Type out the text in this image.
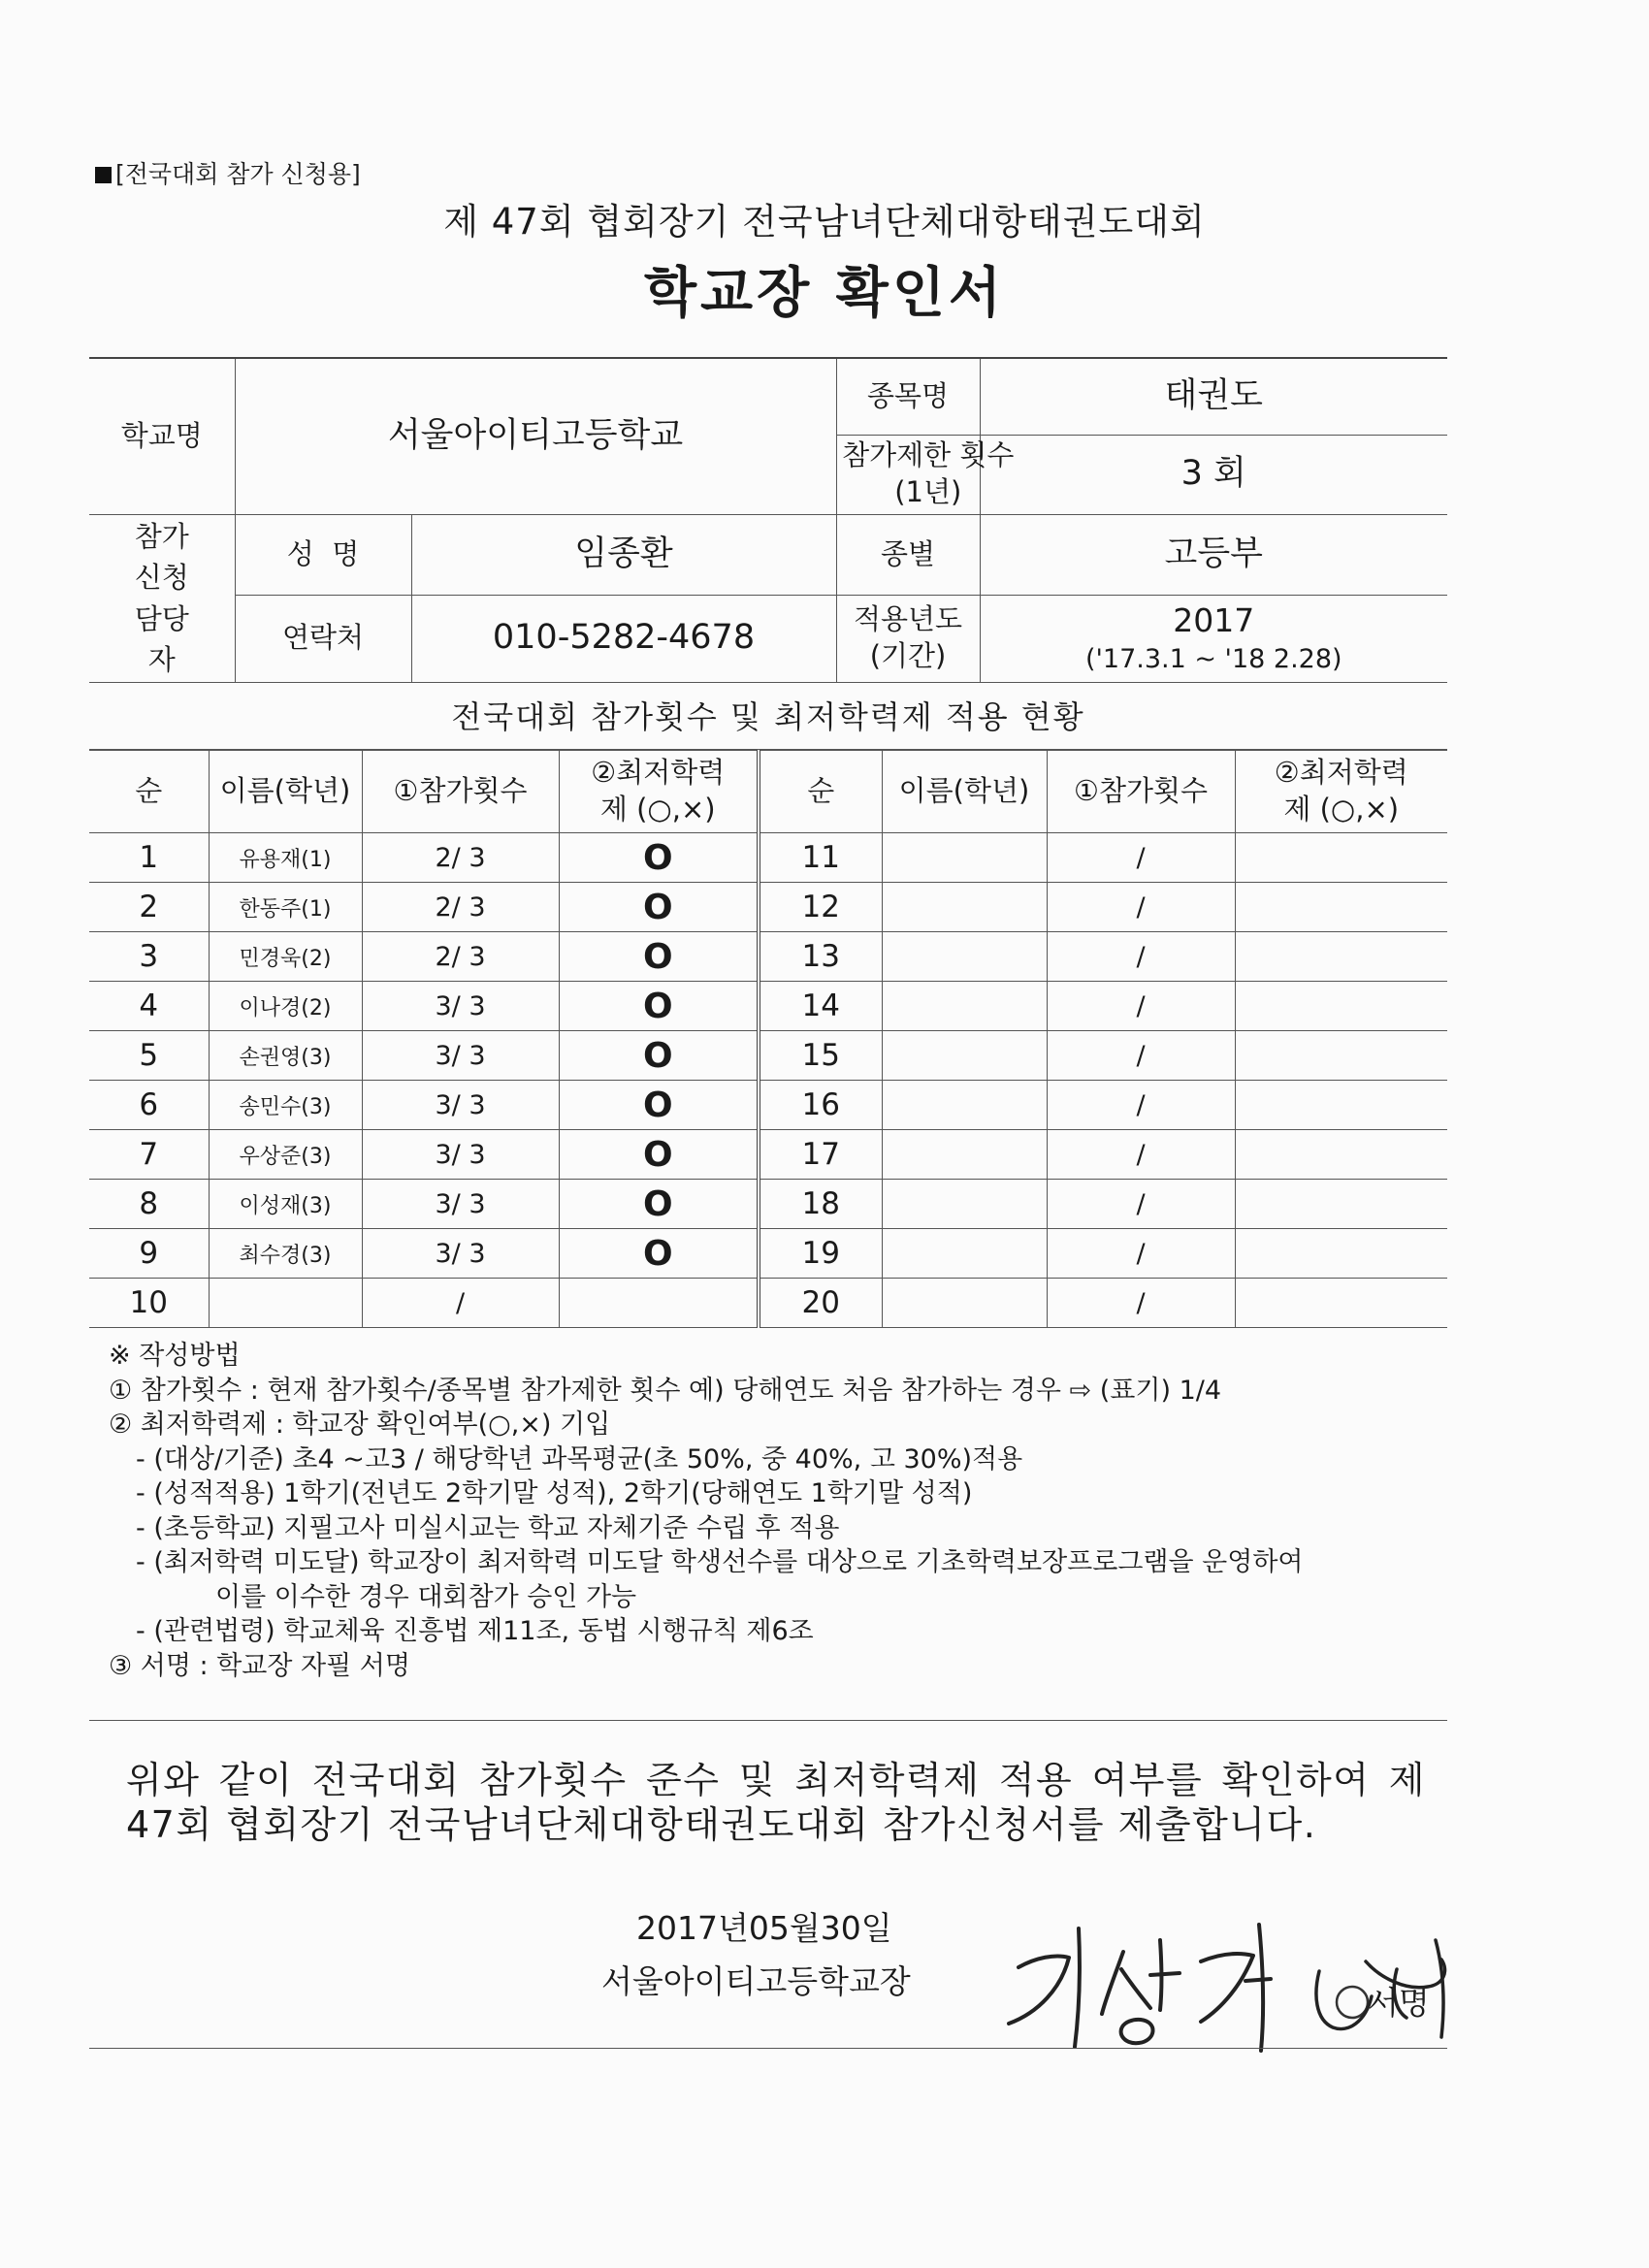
[전국대회 참가 신청용]
제 47회 협회장기 전국남녀단체대항태권도대회
학교장 확인서
학교명	서울아이티고등학교		종목명	태권도
			참가제한 횟수(1년)	3 회
참가 신청 담당자	성  명	임종환	종별	고등부
	연락처	010-5282-4678	적용년도 (기간)	2017
('17.3.1 ~ '18 2.28)
전국대회 참가횟수 및 최저학력제 적용 현황
순	이름(학년)	①참가횟수	②최저학력제 (○,×)	순	이름(학년)	①참가횟수	②최저학력제 (○,×)
1	유용재(1)	2/ 3	O	11		/	
2	한동주(1)	2/ 3	O	12		/	
3	민경욱(2)	2/ 3	O	13		/	
4	이나경(2)	3/ 3	O	14		/	
5	손권영(3)	3/ 3	O	15		/	
6	송민수(3)	3/ 3	O	16		/	
7	우상준(3)	3/ 3	O	17		/	
8	이성재(3)	3/ 3	O	18		/	
9	최수경(3)	3/ 3	O	19		/	
10		/		20		/	
※ 작성방법
① 참가횟수 : 현재 참가횟수/종목별 참가제한 횟수 예) 당해연도 처음 참가하는 경우 ⇨ (표기) 1/4
② 최저학력제 : 학교장 확인여부(○,×) 기입
- (대상/기준) 초4 ~고3 / 해당학년 과목평균(초 50%, 중 40%, 고 30%)적용
- (성적적용) 1학기(전년도 2학기말 성적), 2학기(당해연도 1학기말 성적)
- (초등학교) 지필고사 미실시교는 학교 자체기준 수립 후 적용
- (최저학력 미도달) 학교장이 최저학력 미도달 학생선수를 대상으로 기초학력보장프로그램을 운영하여
이를 이수한 경우 대회참가 승인 가능
- (관련법령) 학교체육 진흥법 제11조, 동법 시행규칙 제6조
③ 서명 : 학교장 자필 서명
위와 같이 전국대회 참가횟수 준수 및 최저학력제 적용 여부를 확인하여 제 47회 협회장기 전국남녀단체대항태권도대회 참가신청서를 제출합니다.
2017년05월30일
서울아이티고등학교장
서명
